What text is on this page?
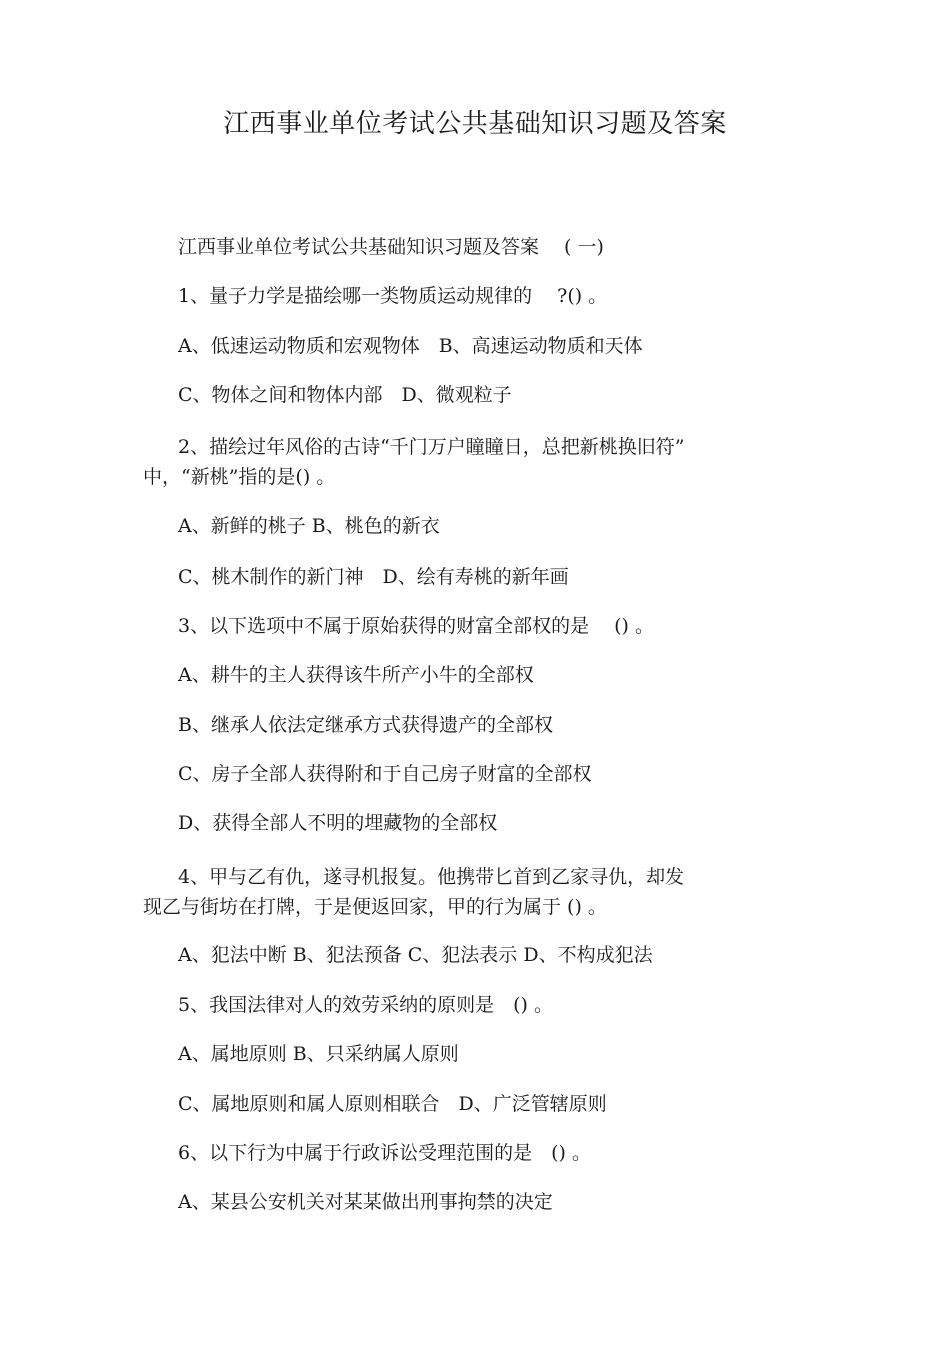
江西事业单位考试公共基础知识习题及答案
江西事业单位考试公共基础知识习题及答案　 ( 一)
1、量子力学是描绘哪一类物质运动规律的　 ?() 。
A、低速运动物质和宏观物体　B、高速运动物质和天体
C、物体之间和物体内部　D、微观粒子
2、描绘过年风俗的古诗“千门万户瞳瞳日，总把新桃换旧符”
中，“新桃”指的是() 。
A、新鲜的桃子 B、桃色的新衣
C、桃木制作的新门神　D、绘有寿桃的新年画
3、以下选项中不属于原始获得的财富全部权的是　 () 。
A、耕牛的主人获得该牛所产小牛的全部权
B、继承人依法定继承方式获得遗产的全部权
C、房子全部人获得附和于自己房子财富的全部权
D、获得全部人不明的埋藏物的全部权
4、甲与乙有仇，遂寻机报复。他携带匕首到乙家寻仇，却发
现乙与街坊在打牌，于是便返回家，甲的行为属于 () 。
A、犯法中断 B、犯法预备 C、犯法表示 D、不构成犯法
5、我国法律对人的效劳采纳的原则是　() 。
A、属地原则 B、只采纳属人原则
C、属地原则和属人原则相联合　D、广泛管辖原则
6、以下行为中属于行政诉讼受理范围的是　() 。
A、某县公安机关对某某做出刑事拘禁的决定
